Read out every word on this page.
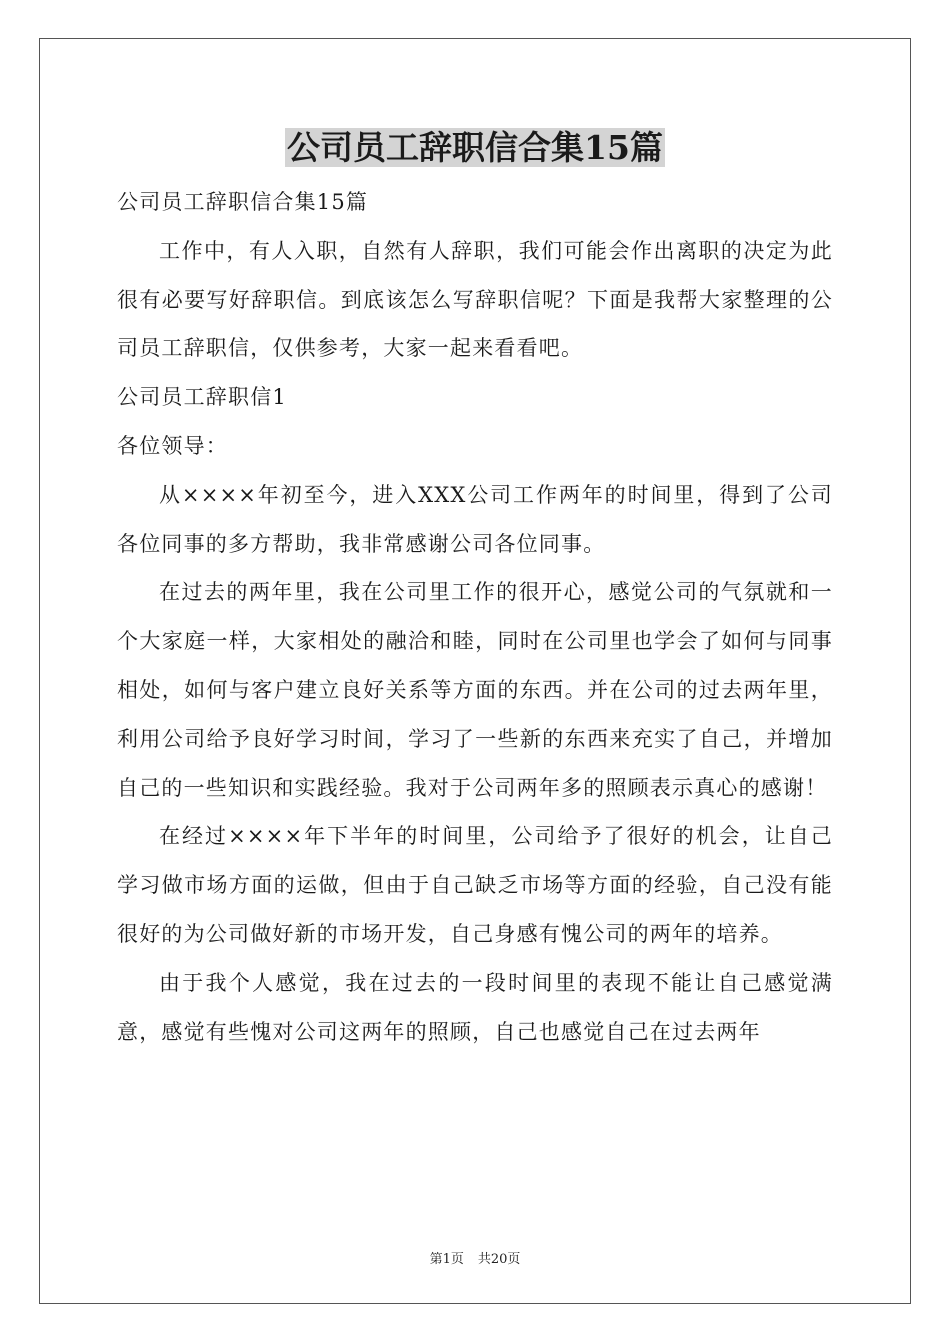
公司员工辞职信合集15篇

公司员工辞职信合集15篇

工作中，有人入职，自然有人辞职，我们可能会作出离职的决定为此很有必要写好辞职信。到底该怎么写辞职信呢？下面是我帮大家整理的公司员工辞职信，仅供参考，大家一起来看看吧。

公司员工辞职信1

各位领导：

从××××年初至今，进入XXX公司工作两年的时间里，得到了公司各位同事的多方帮助，我非常感谢公司各位同事。

在过去的两年里，我在公司里工作的很开心，感觉公司的气氛就和一个大家庭一样，大家相处的融洽和睦，同时在公司里也学会了如何与同事相处，如何与客户建立良好关系等方面的东西。并在公司的过去两年里，利用公司给予良好学习时间，学习了一些新的东西来充实了自己，并增加自己的一些知识和实践经验。我对于公司两年多的照顾表示真心的感谢！

在经过××××年下半年的时间里，公司给予了很好的机会，让自己学习做市场方面的运做，但由于自己缺乏市场等方面的经验，自己没有能很好的为公司做好新的市场开发，自己身感有愧公司的两年的培养。

由于我个人感觉，我在过去的一段时间里的表现不能让自己感觉满意，感觉有些愧对公司这两年的照顾，自己也感觉自己在过去两年

第1页 共20页
